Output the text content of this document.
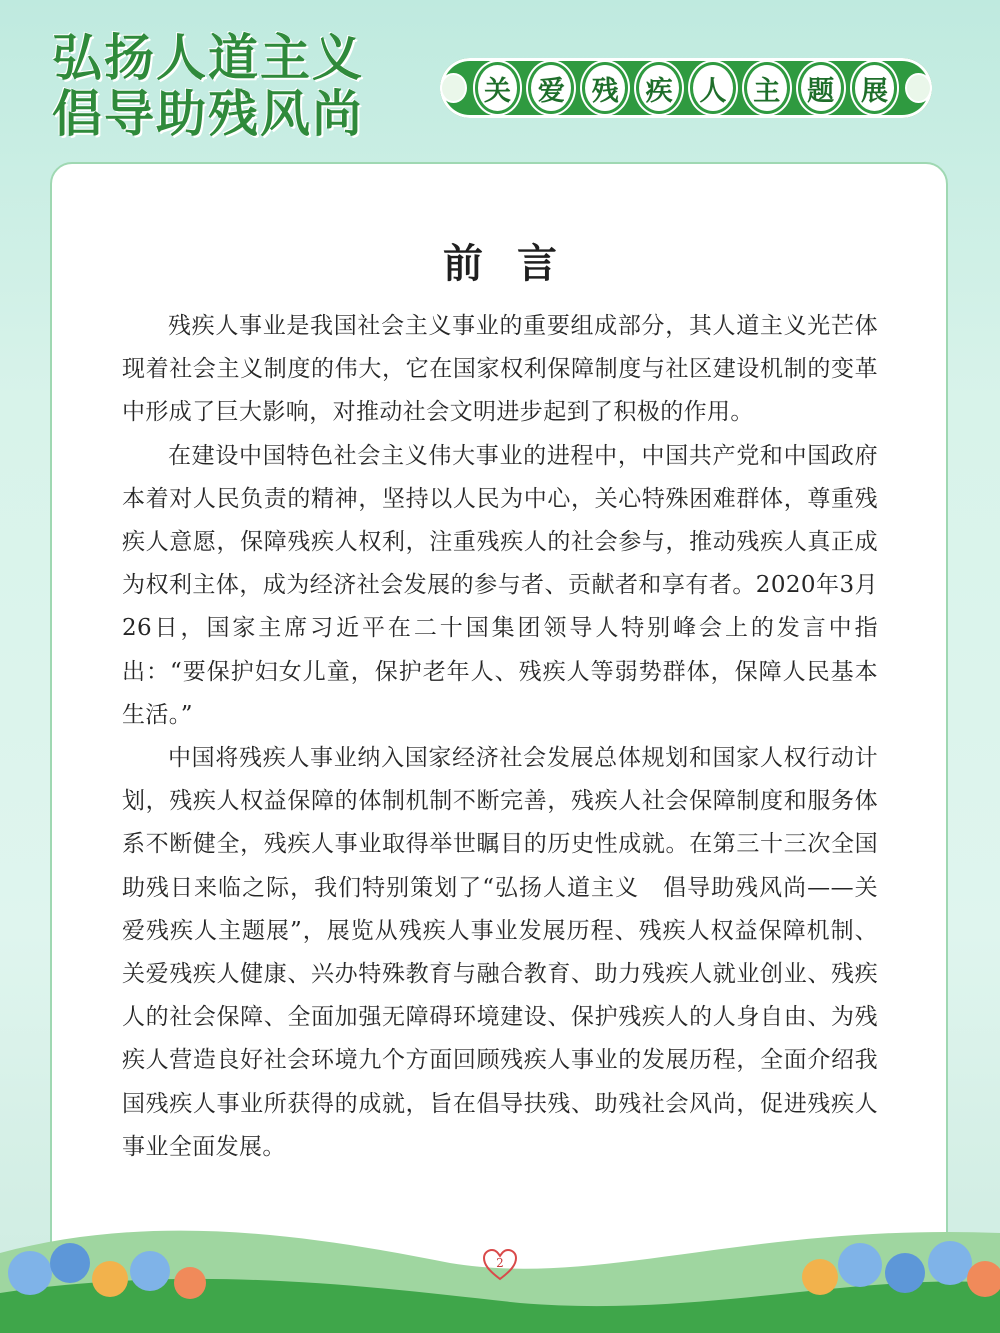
弘扬人道主义
倡导助残风尚	关 爱 残 疾 人 主 题 展
前言

残疾人事业是我国社会主义事业的重要组成部分，其人道主义光芒体现着社会主义制度的伟大，它在国家权利保障制度与社区建设机制的变革中形成了巨大影响，对推动社会文明进步起到了积极的作用。

在建设中国特色社会主义伟大事业的进程中，中国共产党和中国政府本着对人民负责的精神，坚持以人民为中心，关心特殊困难群体，尊重残疾人意愿，保障残疾人权利，注重残疾人的社会参与，推动残疾人真正成为权利主体，成为经济社会发展的参与者、贡献者和享有者。2020年3月26日，国家主席习近平在二十国集团领导人特别峰会上的发言中指出：“要保护妇女儿童，保护老年人、残疾人等弱势群体，保障人民基本生活。”

中国将残疾人事业纳入国家经济社会发展总体规划和国家人权行动计划，残疾人权益保障的体制机制不断完善，残疾人社会保障制度和服务体系不断健全，残疾人事业取得举世瞩目的历史性成就。在第三十三次全国助残日来临之际，我们特别策划了“弘扬人道主义　倡导助残风尚——关爱残疾人主题展”，展览从残疾人事业发展历程、残疾人权益保障机制、关爱残疾人健康、兴办特殊教育与融合教育、助力残疾人就业创业、残疾人的社会保障、全面加强无障碍环境建设、保护残疾人的人身自由、为残疾人营造良好社会环境九个方面回顾残疾人事业的发展历程，全面介绍我国残疾人事业所获得的成就，旨在倡导扶残、助残社会风尚，促进残疾人事业全面发展。

2
